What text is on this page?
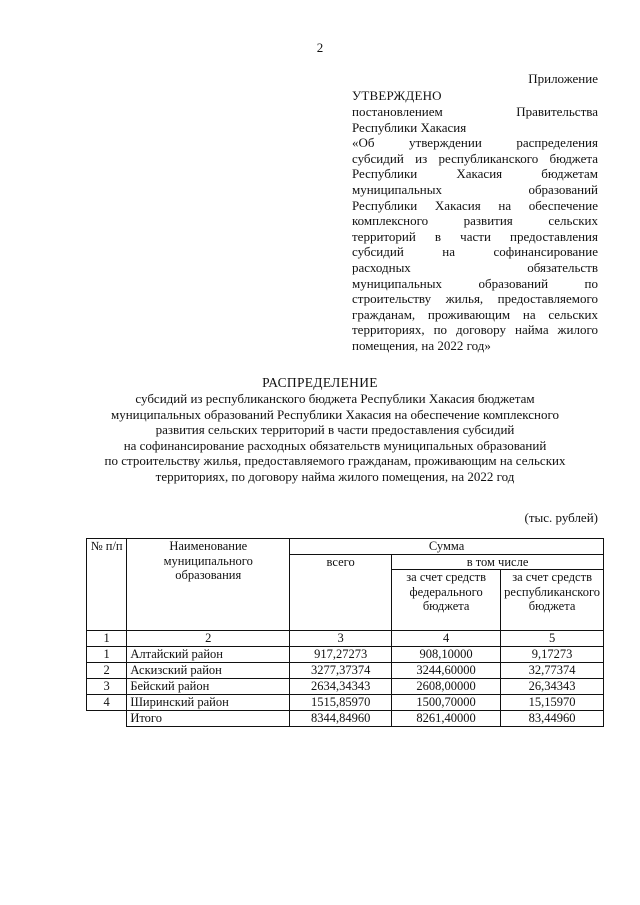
2
Приложение
УТВЕРЖДЕНО
постановлением Правительства
Республики Хакасия
«Об утверждении распределения
субсидий из республиканского бюджета
Республики Хакасия бюджетам
муниципальных образований
Республики Хакасия на обеспечение
комплексного развития сельских
территорий в части предоставления
субсидий на софинансирование
расходных обязательств
муниципальных образований по
строительству жилья, предоставляемого
гражданам, проживающим на сельских
территориях, по договору найма жилого
помещения, на 2022 год»
РАСПРЕДЕЛЕНИЕ
субсидий из республиканского бюджета Республики Хакасия бюджетам
муниципальных образований Республики Хакасия на обеспечение комплексного
развития сельских территорий в части предоставления субсидий
на софинансирование расходных обязательств муниципальных образований
по строительству жилья, предоставляемого гражданам, проживающим на сельских
территориях, по договору найма жилого помещения, на 2022 год
(тыс. рублей)
№ п/п	Наименование муниципального образования	Сумма		
		всего	в том числе	
			за счет средств федерального бюджета	за счет средств республиканского бюджета
1	2	3	4	5
1	Алтайский район	917,27273	908,10000	9,17273
2	Аскизский район	3277,37374	3244,60000	32,77374
3	Бейский район	2634,34343	2608,00000	26,34343
4	Ширинский район	1515,85970	1500,70000	15,15970
	Итого	8344,84960	8261,40000	83,44960
